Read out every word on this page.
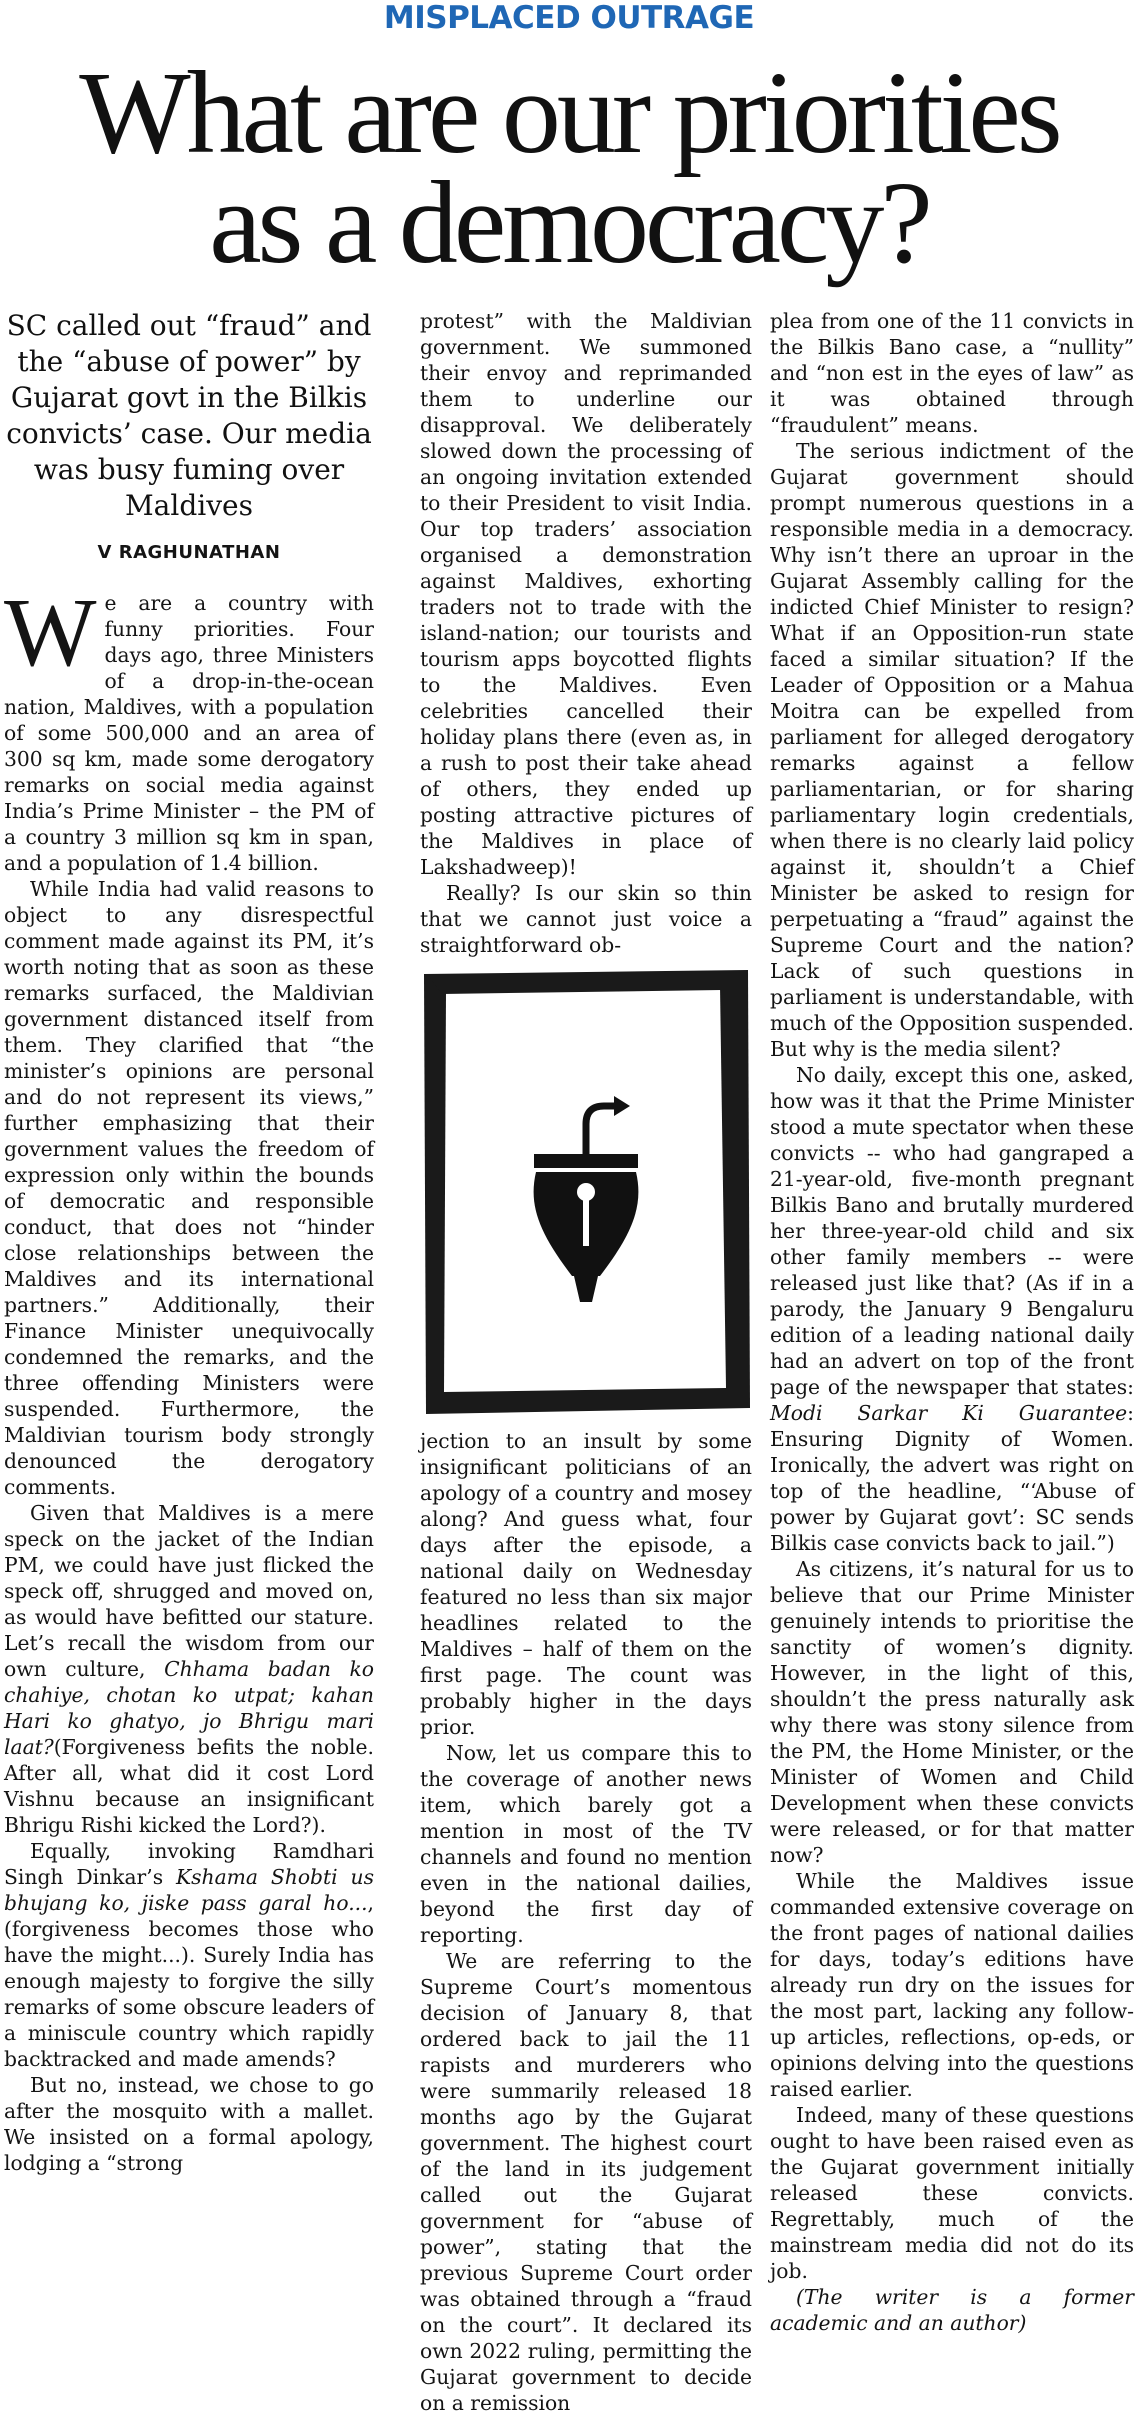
MISPLACED OUTRAGE
What are our priorities
as a democracy?
SC called out “fraud” and the “abuse of power” by Gujarat govt in the Bilkis convicts’ case. Our media was busy fuming over Maldives
V RAGHUNATHAN

We are a country with funny priorities. Four days ago, three Ministers of a drop-in-the-ocean nation, Maldives, with a population of some 500,000 and an area of 300 sq km, made some derogatory remarks on social media against India’s Prime Minister – the PM of a country 3 million sq km in span, and a population of 1.4 billion.

While India had valid reasons to object to any disrespectful comment made against its PM, it’s worth noting that as soon as these remarks surfaced, the Maldivian government distanced itself from them. They clarified that “the minister’s opinions are personal and do not represent its views,” further emphasizing that their government values the freedom of expression only within the bounds of democratic and responsible conduct, that does not “hinder close relationships between the Maldives and its international partners.” Additionally, their Finance Minister unequivocally condemned the remarks, and the three offending Ministers were suspended. Furthermore, the Maldivian tourism body strongly denounced the derogatory comments.

Given that Maldives is a mere speck on the jacket of the Indian PM, we could have just flicked the speck off, shrugged and moved on, as would have befitted our stature. Let’s recall the wisdom from our own culture, Chhama badan ko chahiye, chotan ko utpat; kahan Hari ko ghatyo, jo Bhrigu mari laat?(Forgiveness befits the noble. After all, what did it cost Lord Vishnu because an insignificant Bhrigu Rishi kicked the Lord?).

Equally, invoking Ramdhari Singh Dinkar’s Kshama Shobti us bhujang ko, jiske pass garal ho..., (forgiveness becomes those who have the might...). Surely India has enough majesty to forgive the silly remarks of some obscure leaders of a miniscule country which rapidly backtracked and made amends?

But no, instead, we chose to go after the mosquito with a mallet. We insisted on a formal apology, lodging a “strong

protest” with the Maldivian government. We summoned their envoy and reprimanded them to underline our disapproval. We deliberately slowed down the processing of an ongoing invitation extended to their President to visit India. Our top traders’ association organised a demonstration against Maldives, exhorting traders not to trade with the island-nation; our tourists and tourism apps boycotted flights to the Maldives. Even celebrities cancelled their holiday plans there (even as, in a rush to post their take ahead of others, they ended up posting attractive pictures of the Maldives in place of Lakshadweep)!

Really? Is our skin so thin that we cannot just voice a straightforward ob-

jection to an insult by some insignificant politicians of an apology of a country and mosey along? And guess what, four days after the episode, a national daily on Wednesday featured no less than six major headlines related to the Maldives – half of them on the first page. The count was probably higher in the days prior.

Now, let us compare this to the coverage of another news item, which barely got a mention in most of the TV channels and found no mention even in the national dailies, beyond the first day of reporting.

We are referring to the Supreme Court’s momentous decision of January 8, that ordered back to jail the 11 rapists and murderers who were summarily released 18 months ago by the Gujarat government. The highest court of the land in its judgement called out the Gujarat government for “abuse of power”, stating that the previous Supreme Court order was obtained through a “fraud on the court”. It declared its own 2022 ruling, permitting the Gujarat government to decide on a remission

plea from one of the 11 convicts in the Bilkis Bano case, a “nullity” and “non est in the eyes of law” as it was obtained through “fraudulent” means.

The serious indictment of the Gujarat government should prompt numerous questions in a responsible media in a democracy. Why isn’t there an uproar in the Gujarat Assembly calling for the indicted Chief Minister to resign? What if an Opposition-run state faced a similar situation? If the Leader of Opposition or a Mahua Moitra can be expelled from parliament for alleged derogatory remarks against a fellow parliamentarian, or for sharing parliamentary login credentials, when there is no clearly laid policy against it, shouldn’t a Chief Minister be asked to resign for perpetuating a “fraud” against the Supreme Court and the nation? Lack of such questions in parliament is understandable, with much of the Opposition suspended. But why is the media silent?

No daily, except this one, asked, how was it that the Prime Minister stood a mute spectator when these convicts -- who had gangraped a 21-year-old, five-month pregnant Bilkis Bano and brutally murdered her three-year-old child and six other family members -- were released just like that? (As if in a parody, the January 9 Bengaluru edition of a leading national daily had an advert on top of the front page of the newspaper that states: Modi Sarkar Ki Guarantee: Ensuring Dignity of Women. Ironically, the advert was right on top of the headline, “‘Abuse of power by Gujarat govt’: SC sends Bilkis case convicts back to jail.”)

As citizens, it’s natural for us to believe that our Prime Minister genuinely intends to prioritise the sanctity of women’s dignity. However, in the light of this, shouldn’t the press naturally ask why there was stony silence from the PM, the Home Minister, or the Minister of Women and Child Development when these convicts were released, or for that matter now?

While the Maldives issue commanded extensive coverage on the front pages of national dailies for days, today’s editions have already run dry on the issues for the most part, lacking any follow-up articles, reflections, op-eds, or opinions delving into the questions raised earlier.

Indeed, many of these questions ought to have been raised even as the Gujarat government initially released these convicts. Regrettably, much of the mainstream media did not do its job.

(The writer is a former academic and an author)
